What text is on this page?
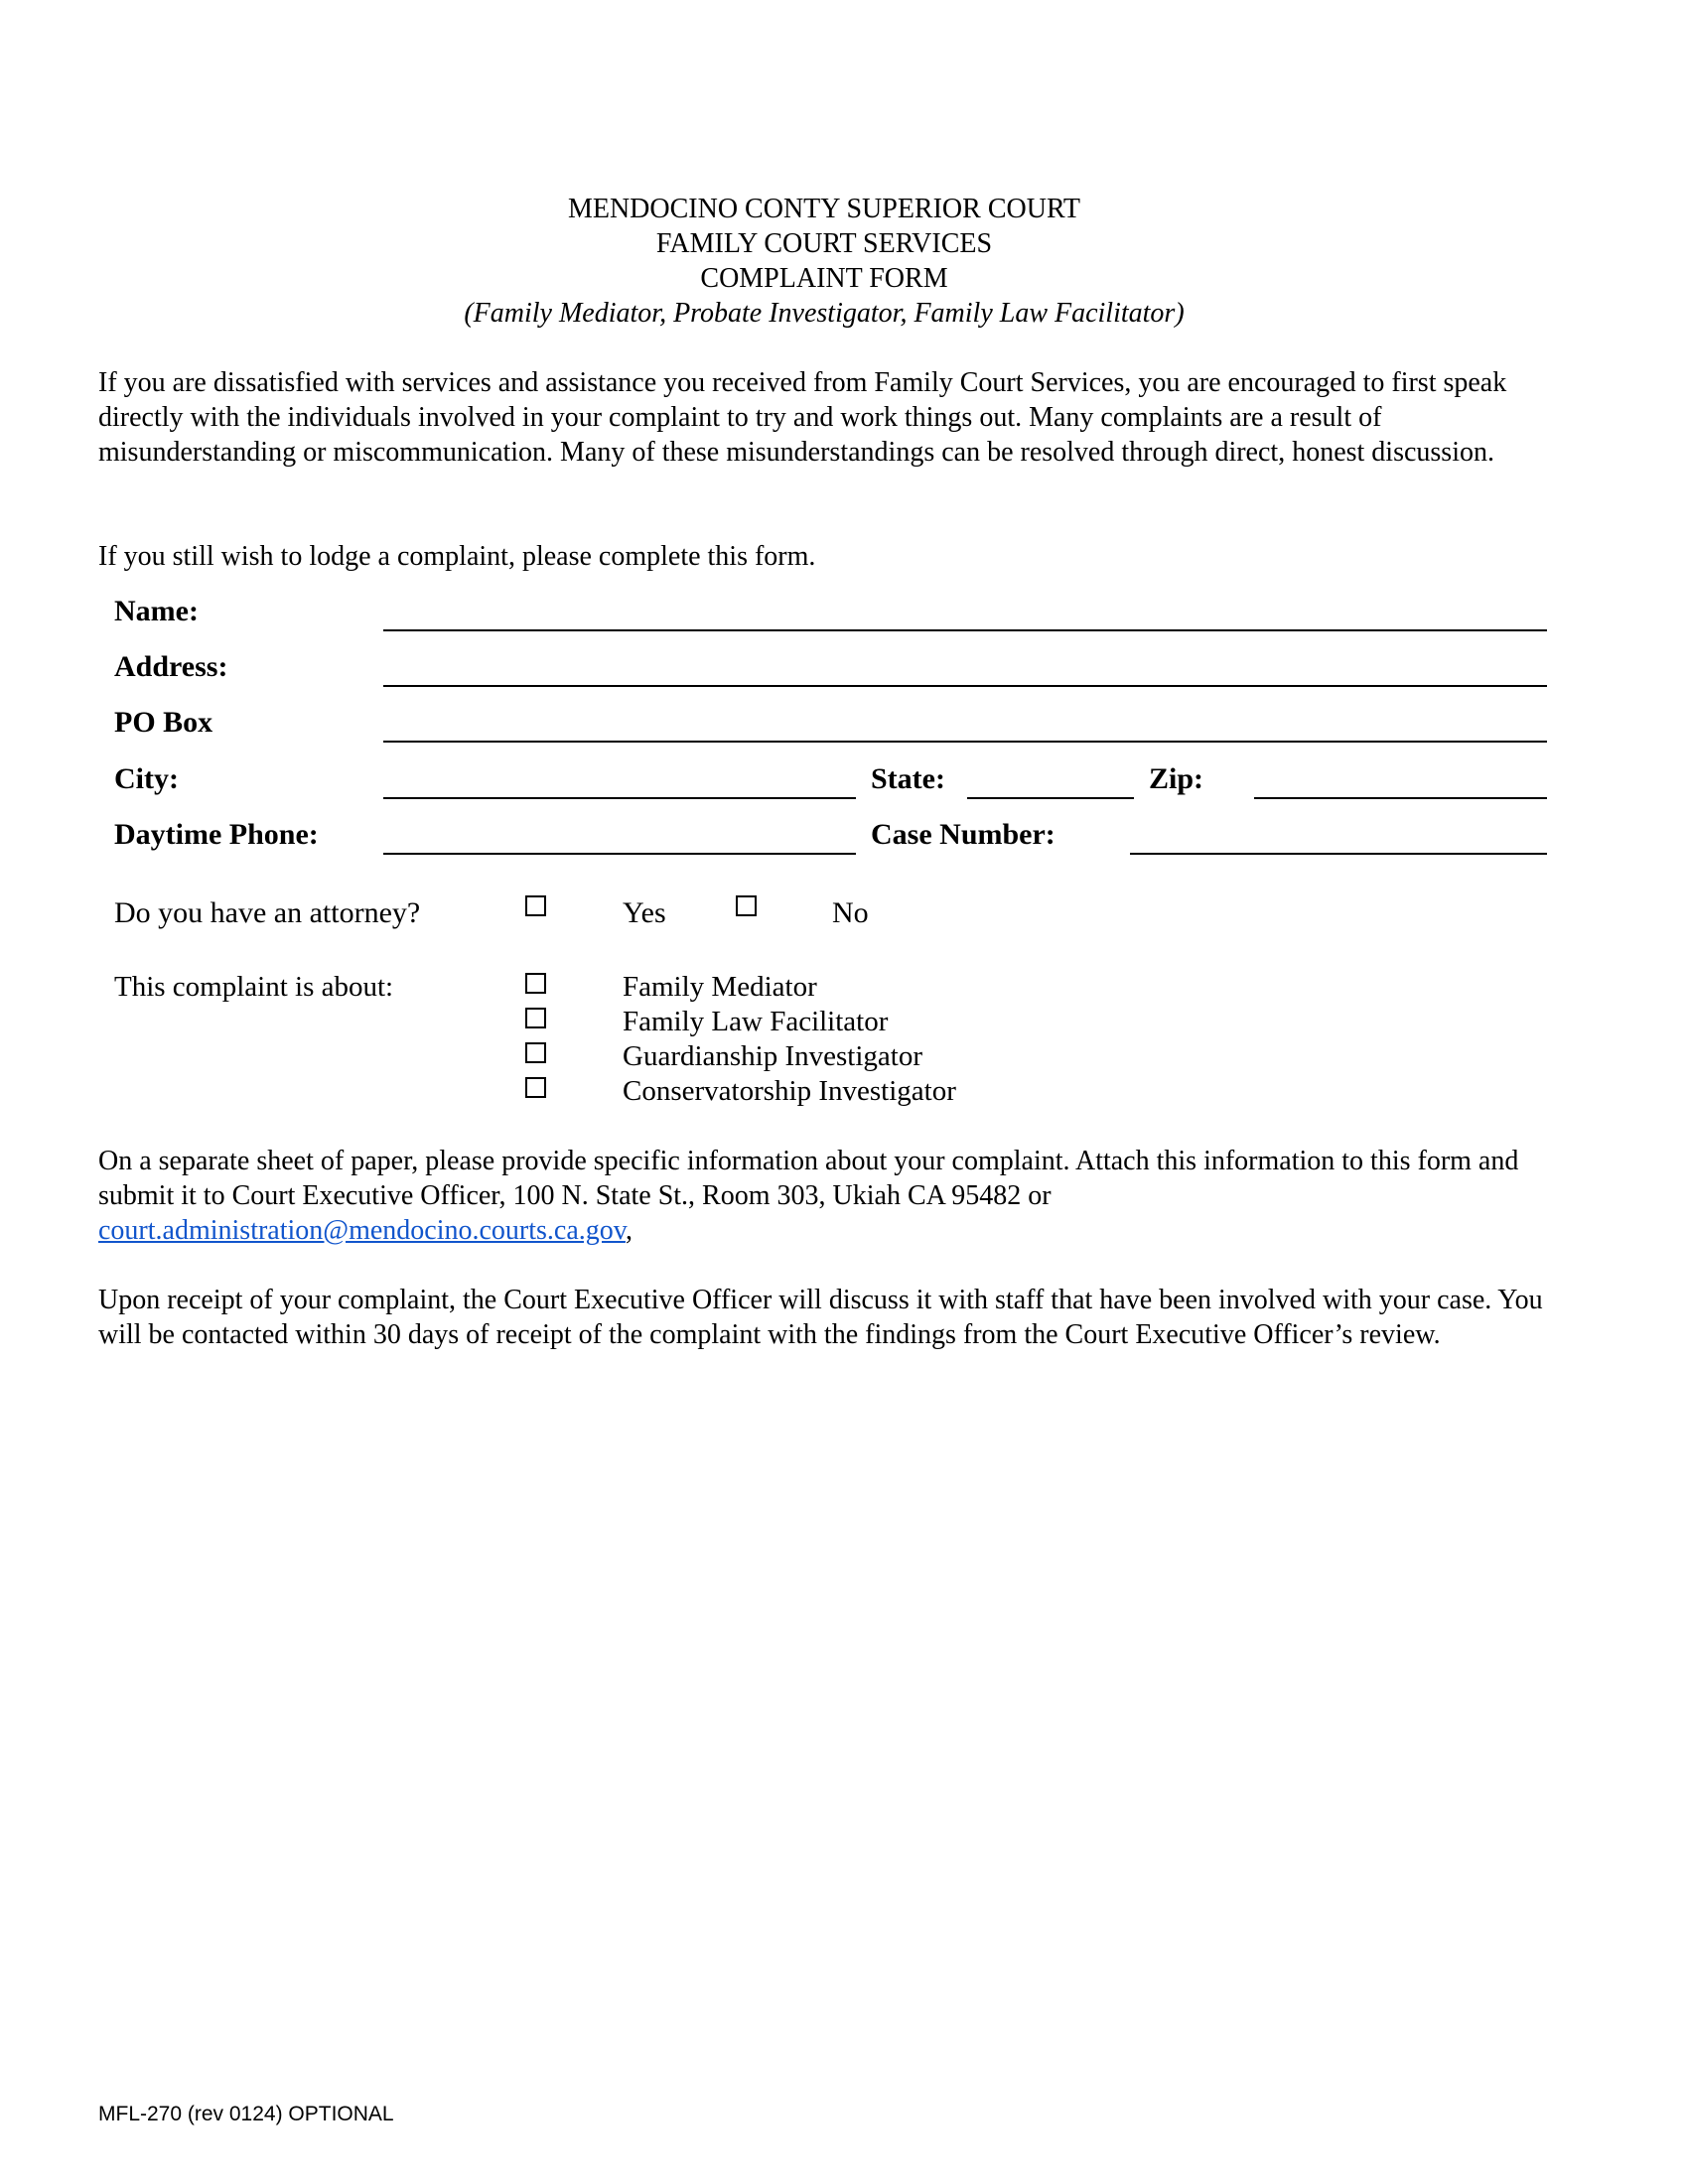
MENDOCINO CONTY SUPERIOR COURT
FAMILY COURT SERVICES
COMPLAINT FORM
(Family Mediator, Probate Investigator, Family Law Facilitator)
If you are dissatisfied with services and assistance you received from Family Court Services, you are encouraged to first speak directly with the individuals involved in your complaint to try and work things out. Many complaints are a result of misunderstanding or miscommunication. Many of these misunderstandings can be resolved through direct, honest discussion.
If you still wish to lodge a complaint, please complete this form.
Name:
Address:
PO Box
City:	State:	Zip:
Daytime Phone:	Case Number:
Do you have an attorney?	Yes	No
This complaint is about:	Family Mediator
Family Law Facilitator
Guardianship Investigator
Conservatorship Investigator
On a separate sheet of paper, please provide specific information about your complaint. Attach this information to this form and submit it to Court Executive Officer, 100 N. State St., Room 303, Ukiah CA 95482 or
court.administration@mendocino.courts.ca.gov,
Upon receipt of your complaint, the Court Executive Officer will discuss it with staff that have been involved with your case. You will be contacted within 30 days of receipt of the complaint with the findings from the Court Executive Officer’s review.
MFL-270 (rev 0124) OPTIONAL
